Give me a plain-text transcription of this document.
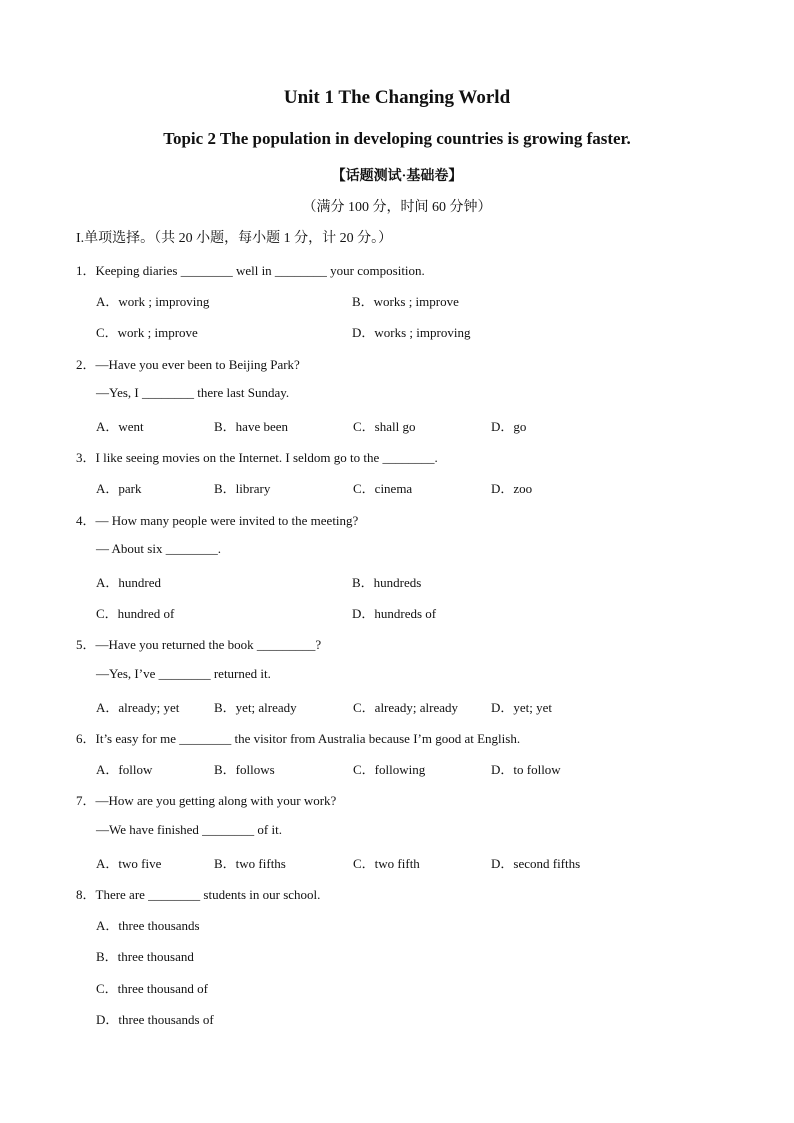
Unit 1 The Changing World
Topic 2 The population in developing countries is growing faster.
【话题测试·基础卷】
（满分 100 分，时间 60 分钟）
I.单项选择。（共 20 小题，每小题 1 分，计 20 分。）
1．Keeping diaries ________ well in ________ your composition.
A．work ; improving	B．works ; improve
C．work ; improve	D．works ; improving
2．—Have you ever been to Beijing Park?
—Yes, I ________ there last Sunday.
A．went	B．have been	C．shall go	D．go
3．I like seeing movies on the Internet. I seldom go to the ________.
A．park	B．library	C．cinema	D．zoo
4．— How many people were invited to the meeting?
— About six ________.
A．hundred	B．hundreds
C．hundred of	D．hundreds of
5．—Have you returned the book _________?
—Yes, I’ve ________ returned it.
A．already; yet	B．yet; already	C．already; already	D．yet; yet
6．It’s easy for me ________ the visitor from Australia because I’m good at English.
A．follow	B．follows	C．following	D．to follow
7．—How are you getting along with your work?
—We have finished ________ of it.
A．two five	B．two fifths	C．two fifth	D．second fifths
8．There are ________ students in our school.
A．three thousands
B．three thousand
C．three thousand of
D．three thousands of
